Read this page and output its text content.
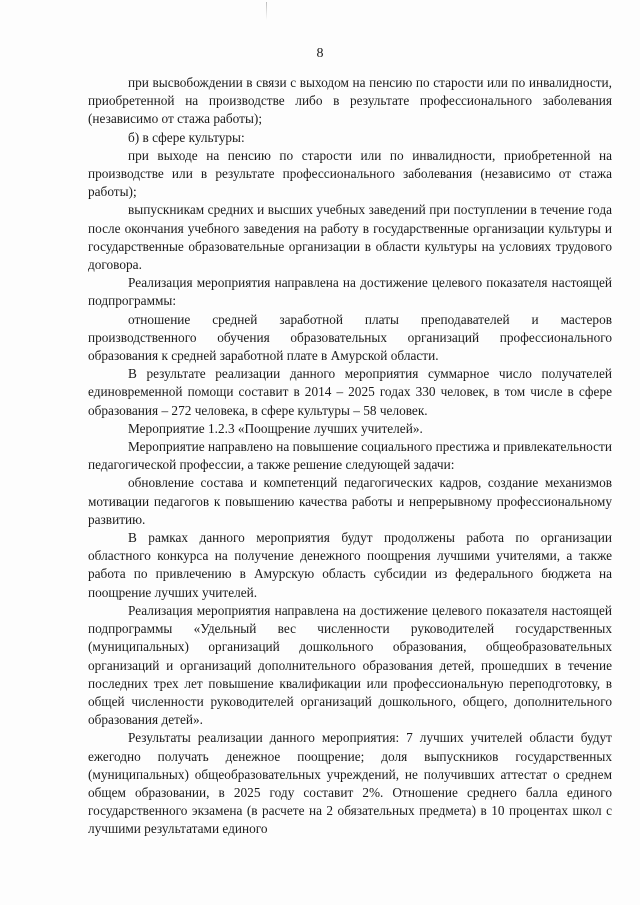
8

при высвобождении в связи с выходом на пенсию по старости или по инвалидности, приобретенной на производстве либо в результате профессионального заболевания (независимо от стажа работы);

б) в сфере культуры:

при выходе на пенсию по старости или по инвалидности, приобретенной на производстве или в результате профессионального заболевания (независимо от стажа работы);

выпускникам средних и высших учебных заведений при поступлении в течение года после окончания учебного заведения на работу в государственные организации культуры и государственные образовательные организации в области культуры на условиях трудового договора.

Реализация мероприятия направлена на достижение целевого показателя настоящей подпрограммы:

отношение средней заработной платы преподавателей и мастеров производственного обучения образовательных организаций профессионального образования к средней заработной плате в Амурской области.

В результате реализации данного мероприятия суммарное число получателей единовременной помощи составит в 2014 – 2025 годах 330 человек, в том числе в сфере образования – 272 человека, в сфере культуры – 58 человек.

Мероприятие 1.2.3 «Поощрение лучших учителей».

Мероприятие направлено на повышение социального престижа и привлекательности педагогической профессии, а также решение следующей задачи:

обновление состава и компетенций педагогических кадров, создание механизмов мотивации педагогов к повышению качества работы и непрерывному профессиональному развитию.

В рамках данного мероприятия будут продолжены работа по организации областного конкурса на получение денежного поощрения лучшими учителями, а также работа по привлечению в Амурскую область субсидии из федерального бюджета на поощрение лучших учителей.

Реализация мероприятия направлена на достижение целевого показателя настоящей подпрограммы «Удельный вес численности руководителей государственных (муниципальных) организаций дошкольного образования, общеобразовательных организаций и организаций дополнительного образования детей, прошедших в течение последних трех лет повышение квалификации или профессиональную переподготовку, в общей численности руководителей организаций дошкольного, общего, дополнительного образования детей».

Результаты реализации данного мероприятия: 7 лучших учителей области будут ежегодно получать денежное поощрение; доля выпускников государственных (муниципальных) общеобразовательных учреждений, не получивших аттестат о среднем общем образовании, в 2025 году составит 2%. Отношение среднего балла единого государственного экзамена (в расчете на 2 обязательных предмета) в 10 процентах школ с лучшими результатами единого
